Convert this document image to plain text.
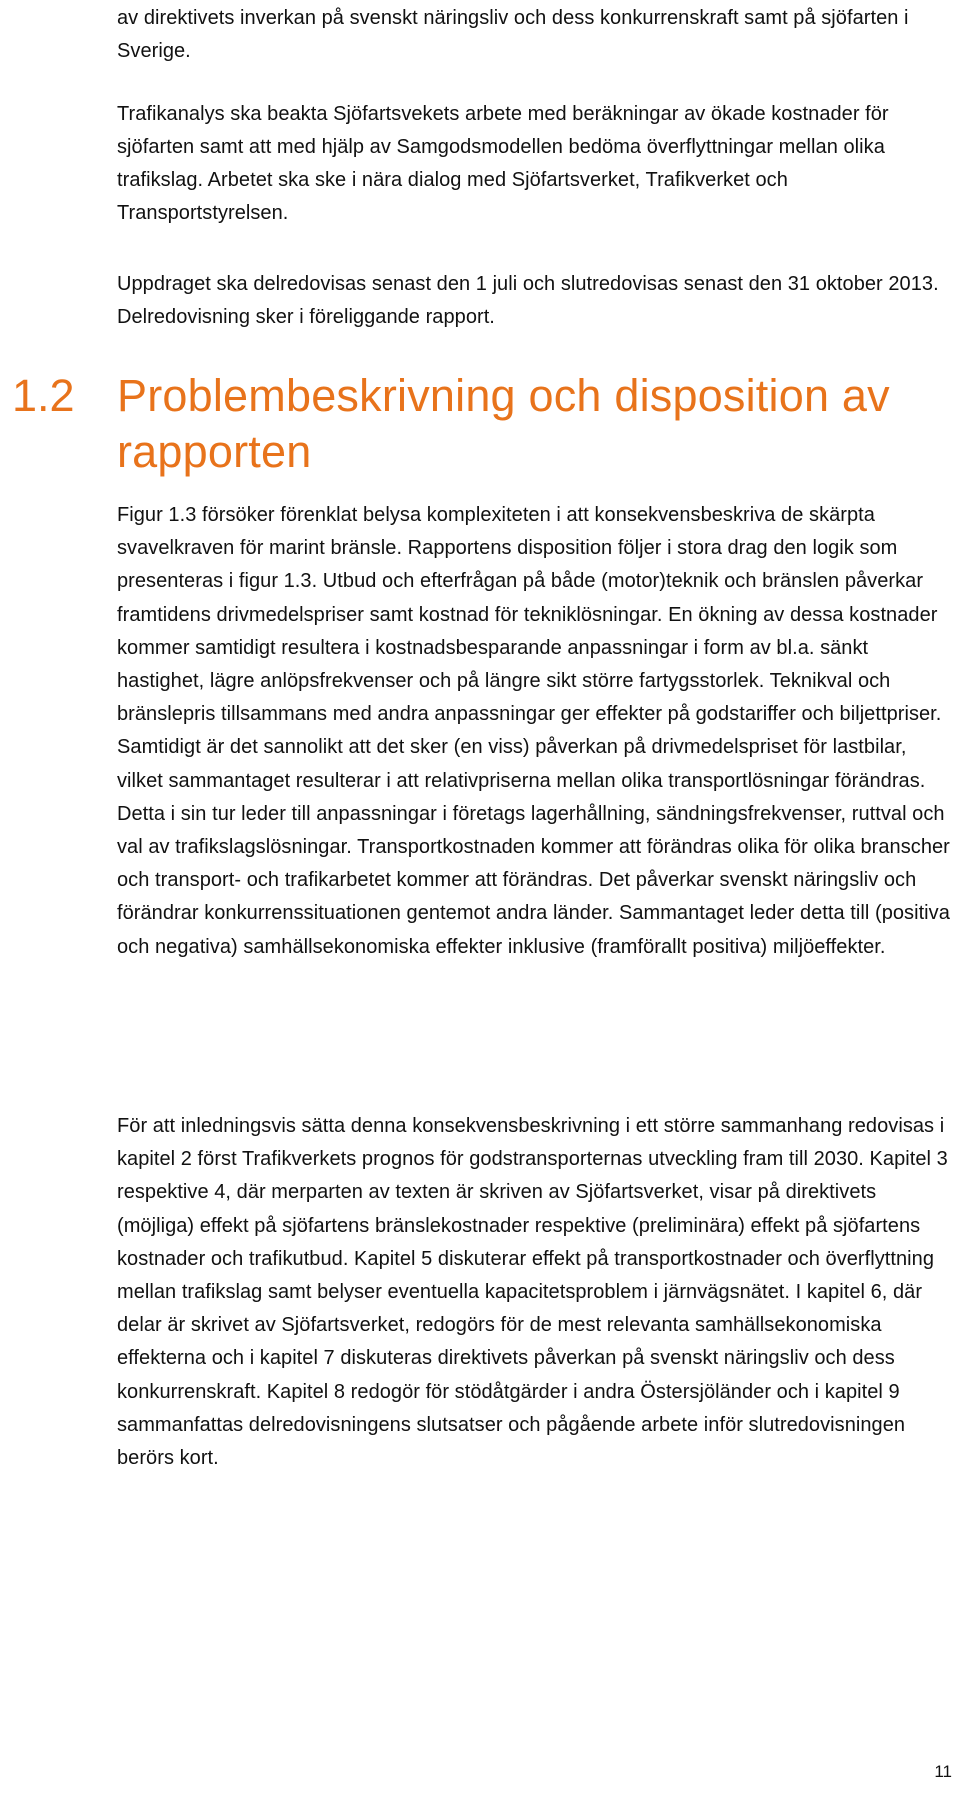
av direktivets inverkan på svenskt näringsliv och dess konkurrenskraft samt på sjöfarten i Sverige.

Trafikanalys ska beakta Sjöfartsvekets arbete med beräkningar av ökade kostnader för sjöfarten samt att med hjälp av Samgodsmodellen bedöma överflyttningar mellan olika trafikslag. Arbetet ska ske i nära dialog med Sjöfartsverket, Trafikverket och Transportstyrelsen.

Uppdraget ska delredovisas senast den 1 juli och slutredovisas senast den 31 oktober 2013. Delredovisning sker i föreliggande rapport.

1.2 Problembeskrivning och disposition av rapporten

Figur 1.3 försöker förenklat belysa komplexiteten i att konsekvensbeskriva de skärpta svavelkraven för marint bränsle. Rapportens disposition följer i stora drag den logik som presenteras i figur 1.3. Utbud och efterfrågan på både (motor)teknik och bränslen påverkar framtidens drivmedelspriser samt kostnad för tekniklösningar. En ökning av dessa kostnader kommer samtidigt resultera i kostnadsbesparande anpassningar i form av bl.a. sänkt hastighet, lägre anlöpsfrekvenser och på längre sikt större fartygsstorlek. Teknikval och bränslepris tillsammans med andra anpassningar ger effekter på godstariffer och biljettpriser. Samtidigt är det sannolikt att det sker (en viss) påverkan på drivmedelspriset för lastbilar, vilket sammantaget resulterar i att relativpriserna mellan olika transportlösningar förändras. Detta i sin tur leder till anpassningar i företags lagerhållning, sändningsfrekvenser, ruttval och val av trafikslagslösningar. Transportkostnaden kommer att förändras olika för olika branscher och transport- och trafikarbetet kommer att förändras. Det påverkar svenskt näringsliv och förändrar konkurrenssituationen gentemot andra länder. Sammantaget leder detta till (positiva och negativa) samhällsekonomiska effekter inklusive (framförallt positiva) miljöeffekter.

För att inledningsvis sätta denna konsekvensbeskrivning i ett större sammanhang redovisas i kapitel 2 först Trafikverkets prognos för godstransporternas utveckling fram till 2030. Kapitel 3 respektive 4, där merparten av texten är skriven av Sjöfartsverket, visar på direktivets (möjliga) effekt på sjöfartens bränslekostnader respektive (preliminära) effekt på sjöfartens kostnader och trafikutbud. Kapitel 5 diskuterar effekt på transportkostnader och överflyttning mellan trafikslag samt belyser eventuella kapacitetsproblem i järnvägsnätet. I kapitel 6, där delar är skrivet av Sjöfartsverket, redogörs för de mest relevanta samhällsekonomiska effekterna och i kapitel 7 diskuteras direktivets påverkan på svenskt näringsliv och dess konkurrenskraft. Kapitel 8 redogör för stödåtgärder i andra Östersjöländer och i kapitel 9 sammanfattas delredovisningens slutsatser och pågående arbete inför slutredovisningen berörs kort.

11
